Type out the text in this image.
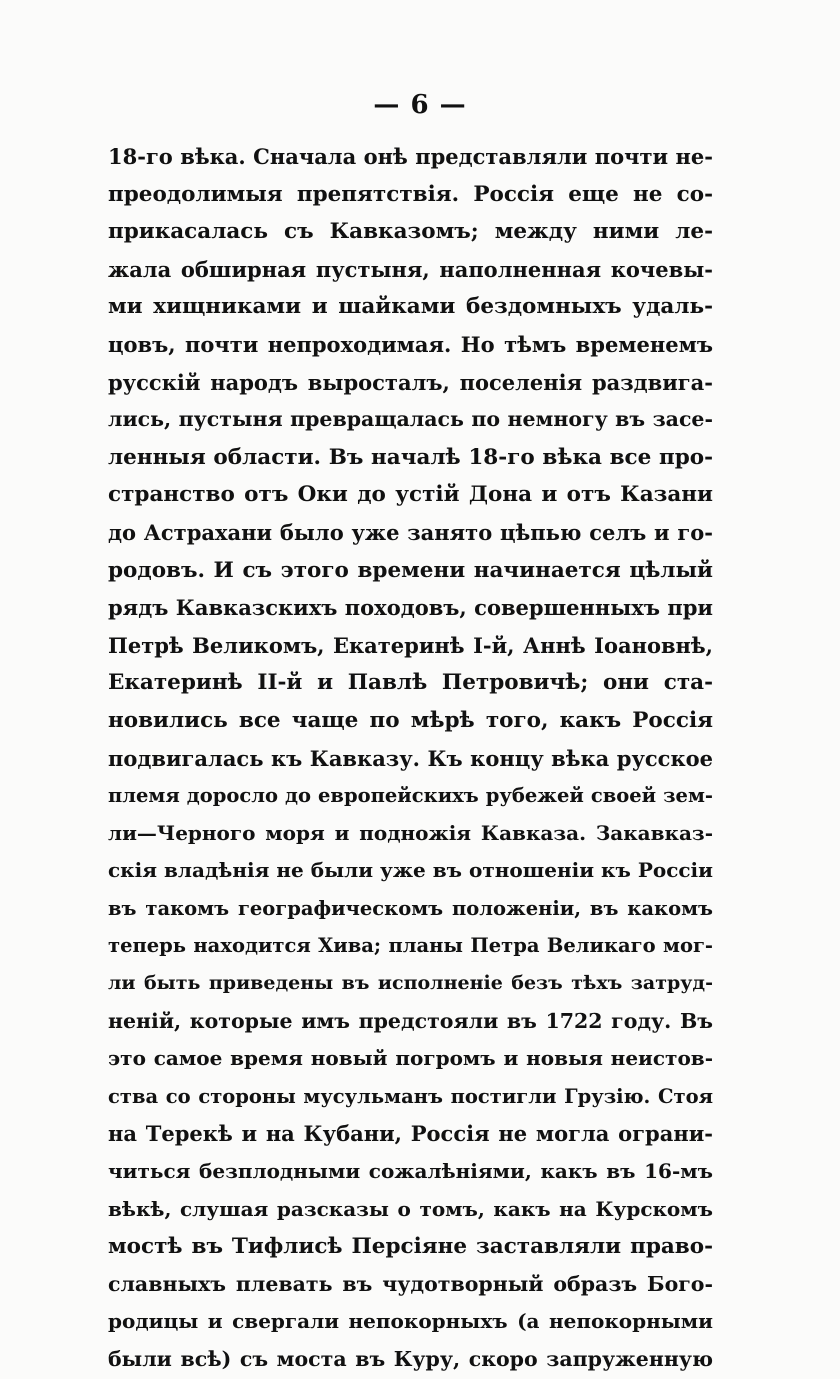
— 6 —
18-го вѣка. Сначала онѣ представляли почти не-
преодолимыя препятствія. Россія еще не со-
прикасалась съ Кавказомъ; между ними ле-
жала обширная пустыня, наполненная кочевы-
ми хищниками и шайками бездомныхъ удаль-
цовъ, почти непроходимая. Но тѣмъ временемъ
русскій народъ выросталъ, поселенія раздвига-
лись, пустыня превращалась по немногу въ засе-
ленныя области. Въ началѣ 18-го вѣка все про-
странство отъ Оки до устій Дона и отъ Казани
до Астрахани было уже занято цѣпью селъ и го-
родовъ. И съ этого времени начинается цѣлый
рядъ Кавказскихъ походовъ, совершенныхъ при
Петрѣ Великомъ, Екатеринѣ I-й, Аннѣ Іоановнѣ,
Екатеринѣ II-й и Павлѣ Петровичѣ; они ста-
новились все чаще по мѣрѣ того, какъ Россія
подвигалась къ Кавказу. Къ концу вѣка русское
племя доросло до европейскихъ рубежей своей зем-
ли—Черного моря и подножія Кавказа. Закавказ-
скія владѣнія не были уже въ отношеніи къ Россіи
въ такомъ географическомъ положеніи, въ какомъ
теперь находится Хива; планы Петра Великаго мог-
ли быть приведены въ исполненіе безъ тѣхъ затруд-
неній, которые имъ предстояли въ 1722 году. Въ
это самое время новый погромъ и новыя неистов-
ства со стороны мусульманъ постигли Грузію. Стоя
на Терекѣ и на Кубани, Россія не могла ограни-
читься безплодными сожалѣніями, какъ въ 16-мъ
вѣкѣ, слушая разсказы о томъ, какъ на Курскомъ
мостѣ въ Тифлисѣ Персіяне заставляли право-
славныхъ плевать въ чудотворный образъ Бого-
родицы и свергали непокорныхъ (а непокорными
были всѣ) съ моста въ Куру, скоро запруженную
